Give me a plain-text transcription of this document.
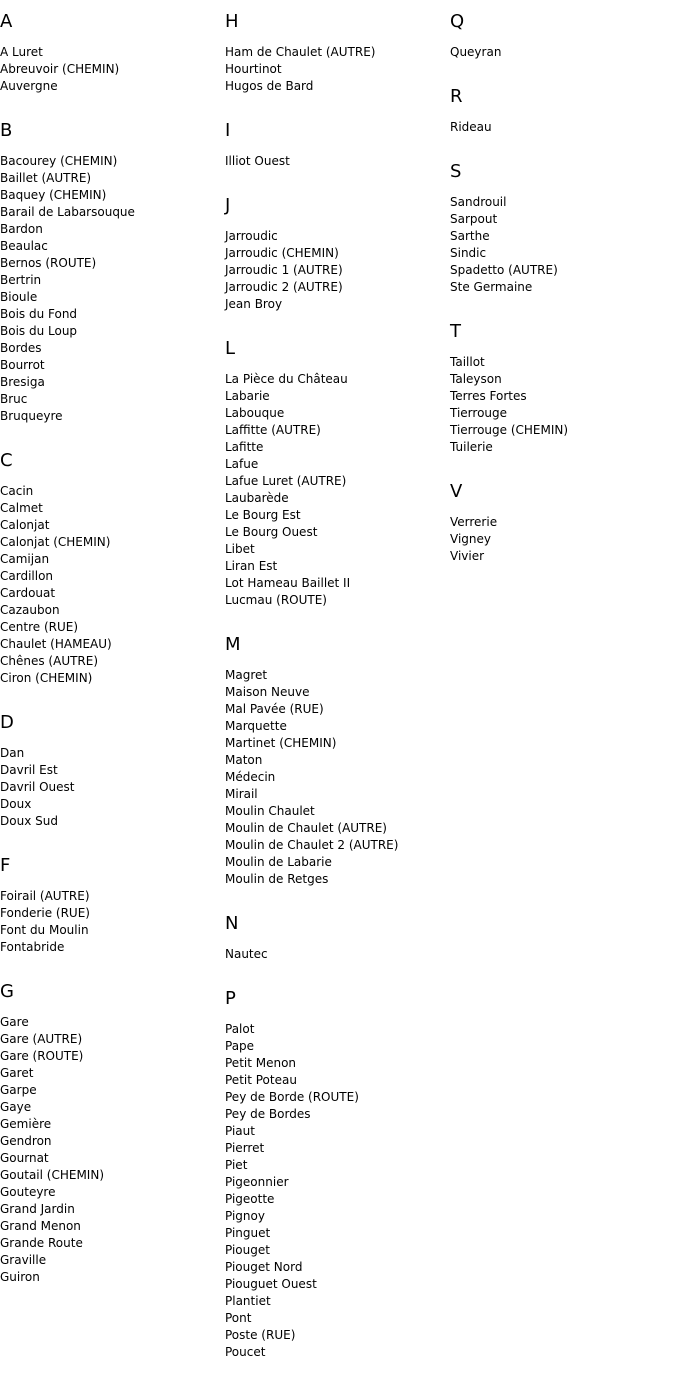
A
A Luret
Abreuvoir (CHEMIN)
Auvergne
B
Bacourey (CHEMIN)
Baillet (AUTRE)
Baquey (CHEMIN)
Barail de Labarsouque
Bardon
Beaulac
Bernos (ROUTE)
Bertrin
Bioule
Bois du Fond
Bois du Loup
Bordes
Bourrot
Bresiga
Bruc
Bruqueyre
C
Cacin
Calmet
Calonjat
Calonjat (CHEMIN)
Camijan
Cardillon
Cardouat
Cazaubon
Centre (RUE)
Chaulet (HAMEAU)
Chênes (AUTRE)
Ciron (CHEMIN)
D
Dan
Davril Est
Davril Ouest
Doux
Doux Sud
F
Foirail (AUTRE)
Fonderie (RUE)
Font du Moulin
Fontabride
G
Gare
Gare (AUTRE)
Gare (ROUTE)
Garet
Garpe
Gaye
Gemière
Gendron
Gournat
Goutail (CHEMIN)
Gouteyre
Grand Jardin
Grand Menon
Grande Route
Graville
Guiron
H
Ham de Chaulet (AUTRE)
Hourtinot
Hugos de Bard
I
Illiot Ouest
J
Jarroudic
Jarroudic (CHEMIN)
Jarroudic 1 (AUTRE)
Jarroudic 2 (AUTRE)
Jean Broy
L
La Pièce du Château
Labarie
Labouque
Laffitte (AUTRE)
Lafitte
Lafue
Lafue Luret (AUTRE)
Laubarède
Le Bourg Est
Le Bourg Ouest
Libet
Liran Est
Lot Hameau Baillet II
Lucmau (ROUTE)
M
Magret
Maison Neuve
Mal Pavée (RUE)
Marquette
Martinet (CHEMIN)
Maton
Médecin
Mirail
Moulin Chaulet
Moulin de Chaulet (AUTRE)
Moulin de Chaulet 2 (AUTRE)
Moulin de Labarie
Moulin de Retges
N
Nautec
P
Palot
Pape
Petit Menon
Petit Poteau
Pey de Borde (ROUTE)
Pey de Bordes
Piaut
Pierret
Piet
Pigeonnier
Pigeotte
Pignoy
Pinguet
Piouget
Piouget Nord
Piouguet Ouest
Plantiet
Pont
Poste (RUE)
Poucet
Q
Queyran
R
Rideau
S
Sandrouil
Sarpout
Sarthe
Sindic
Spadetto (AUTRE)
Ste Germaine
T
Taillot
Taleyson
Terres Fortes
Tierrouge
Tierrouge (CHEMIN)
Tuilerie
V
Verrerie
Vigney
Vivier
